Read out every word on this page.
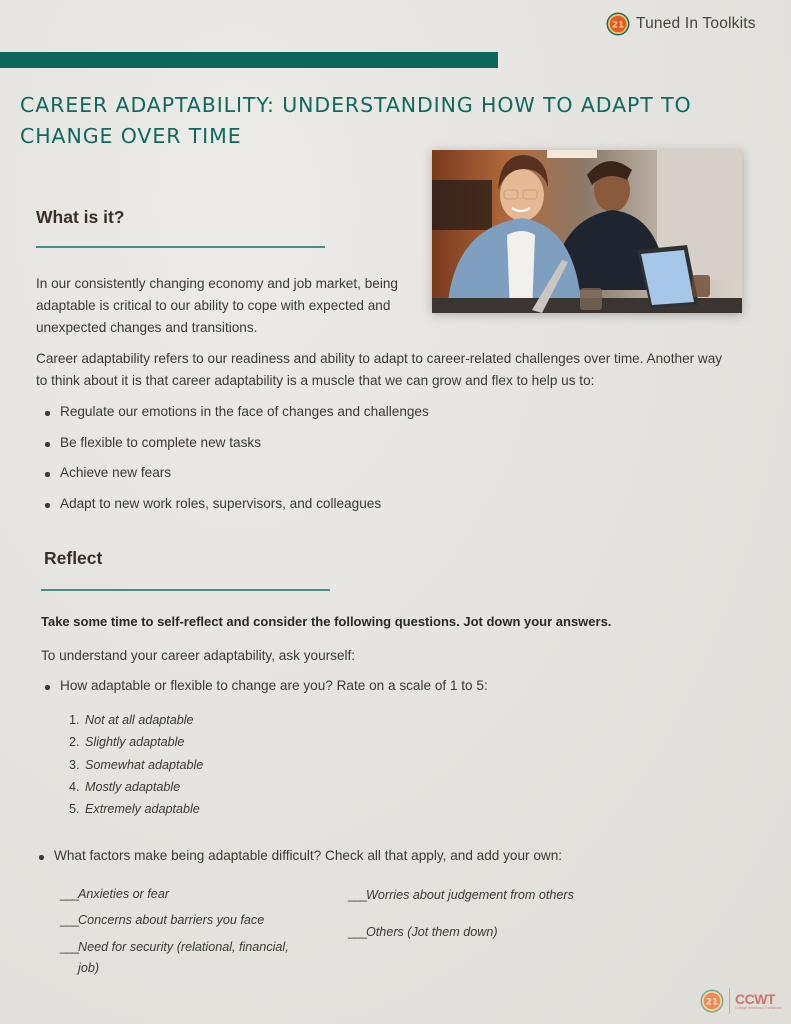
21 Tuned In Toolkits
CAREER ADAPTABILITY: UNDERSTANDING HOW TO ADAPT TO
CHANGE OVER TIME
What is it?

In our consistently changing economy and job market, being adaptable is critical to our ability to cope with expected and unexpected changes and transitions.

Career adaptability refers to our readiness and ability to adapt to career-related challenges over time. Another way to think about it is that career adaptability is a muscle that we can grow and flex to help us to:

Regulate our emotions in the face of changes and challenges
Be flexible to complete new tasks
Achieve new fears
Adapt to new work roles, supervisors, and colleagues
Reflect

Take some time to self-reflect and consider the following questions. Jot down your answers.

To understand your career adaptability, ask yourself:

How adaptable or flexible to change are you? Rate on a scale of 1 to 5:
1. Not at all adaptable
2. Slightly adaptable
3. Somewhat adaptable
4. Mostly adaptable
5. Extremely adaptable
What factors make being adaptable difficult? Check all that apply, and add your own:
___Anxieties or fear
___Concerns about barriers you face
___ Need for security (relational, financial, job)
___Worries about judgement from others
___Others (Jot them down)
21 CCWT
College Workforce Transitions
